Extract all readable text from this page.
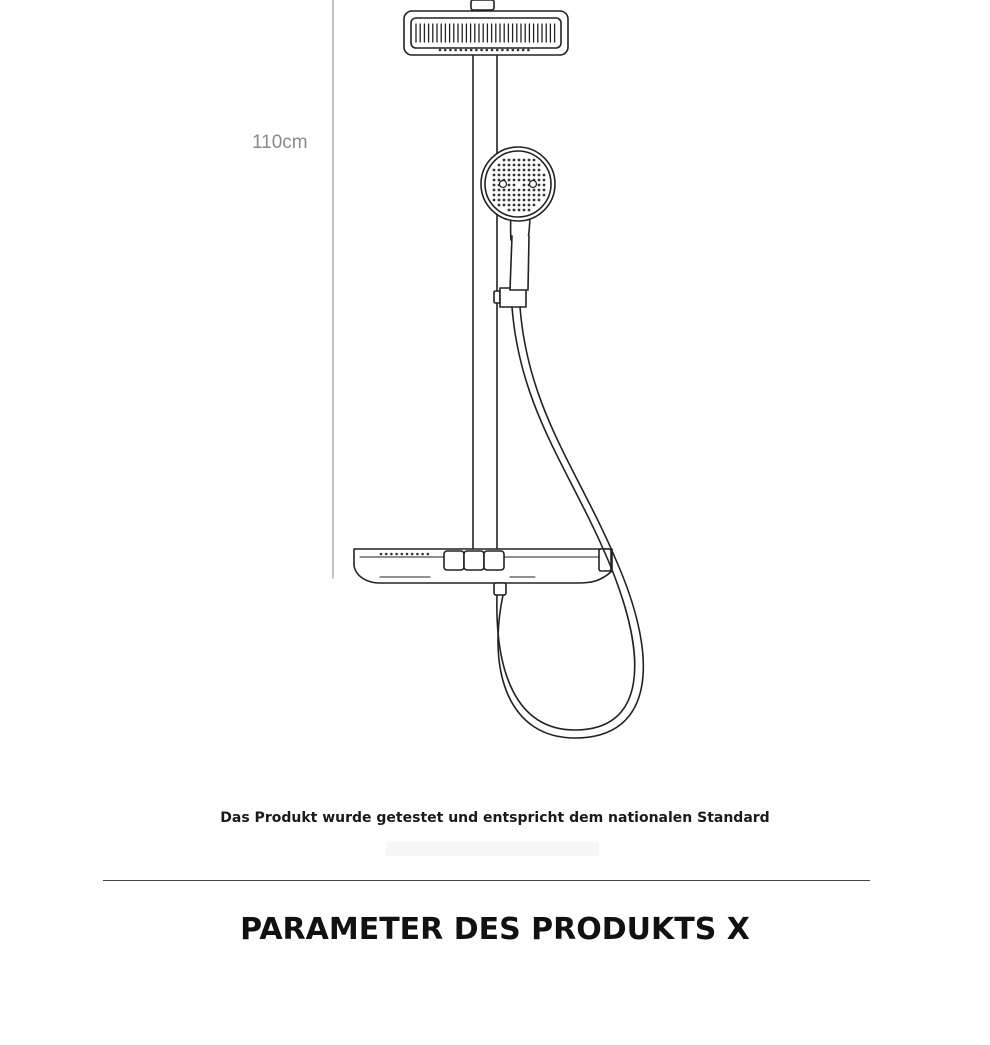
110cm
Das Produkt wurde getestet und entspricht dem nationalen Standard
PARAMETER DES PRODUKTS X
